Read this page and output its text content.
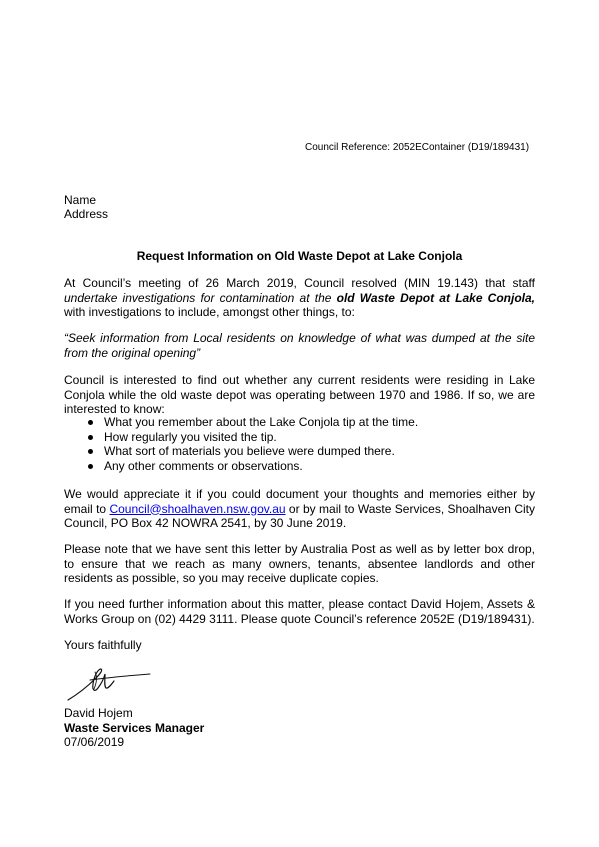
Council Reference: 2052EContainer (D19/189431)
Name
Address
Request Information on Old Waste Depot at Lake Conjola
At Council’s meeting of 26 March 2019, Council resolved (MIN 19.143) that staff undertake investigations for contamination at the old Waste Depot at Lake Conjola, with investigations to include, amongst other things, to:
“Seek information from Local residents on knowledge of what was dumped at the site from the original opening”
Council is interested to find out whether any current residents were residing in Lake Conjola while the old waste depot was operating between 1970 and 1986. If so, we are interested to know:
What you remember about the Lake Conjola tip at the time.
How regularly you visited the tip.
What sort of materials you believe were dumped there.
Any other comments or observations.
We would appreciate it if you could document your thoughts and memories either by email to Council@shoalhaven.nsw.gov.au or by mail to Waste Services, Shoalhaven City Council, PO Box 42 NOWRA 2541, by 30 June 2019.
Please note that we have sent this letter by Australia Post as well as by letter box drop, to ensure that we reach as many owners, tenants, absentee landlords and other residents as possible, so you may receive duplicate copies.
If you need further information about this matter, please contact David Hojem, Assets & Works Group on (02) 4429 3111. Please quote Council’s reference 2052E (D19/189431).
Yours faithfully
David Hojem
Waste Services Manager
07/06/2019
